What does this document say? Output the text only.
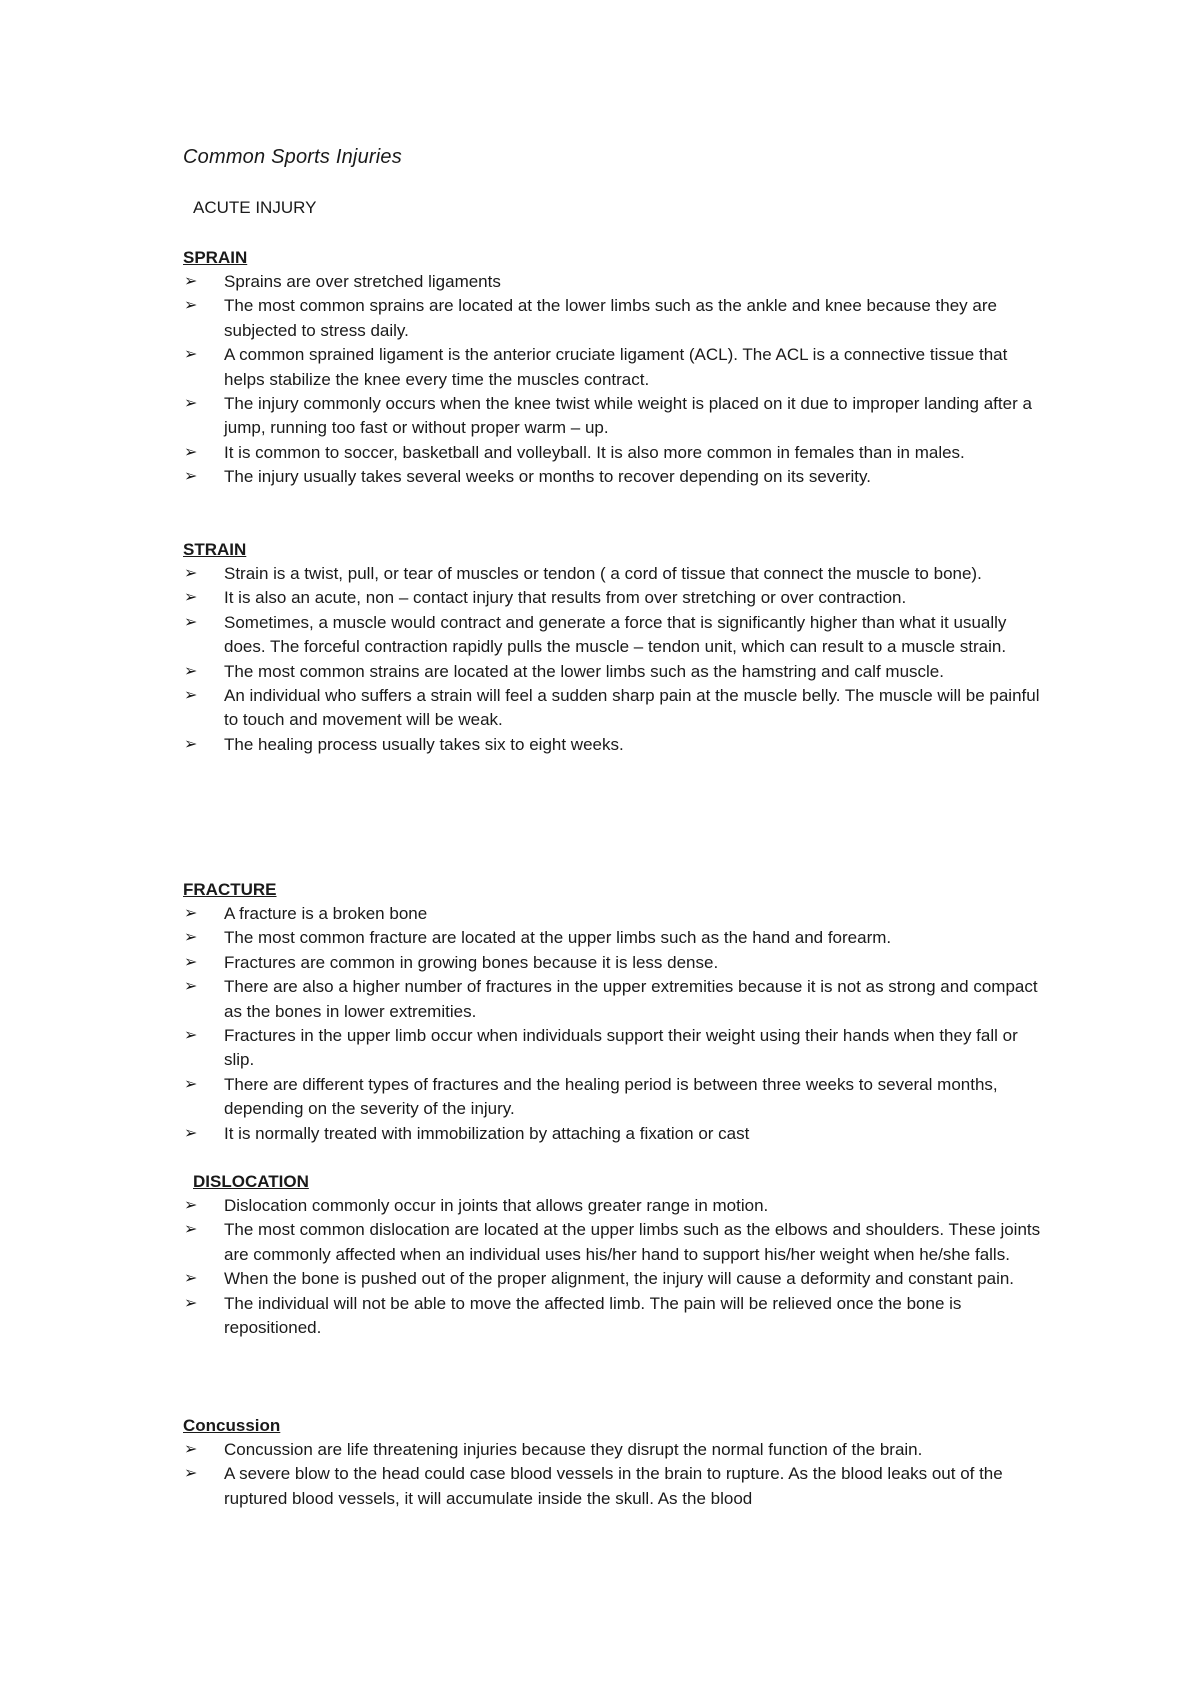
Common Sports Injuries

ACUTE INJURY

SPRAIN
➢ Sprains are over stretched ligaments
➢ The most common sprains are located at the lower limbs such as the ankle and knee because they are subjected to stress daily.
➢ A common sprained ligament is the anterior cruciate ligament (ACL). The ACL is a connective tissue that helps stabilize the knee every time the muscles contract.
➢ The injury commonly occurs when the knee twist while weight is placed on it due to improper landing after a jump, running too fast or without proper warm – up.
➢ It is common to soccer, basketball and volleyball. It is also more common in females than in males.
➢ The injury usually takes several weeks or months to recover depending on its severity.
STRAIN
➢ Strain is a twist, pull, or tear of muscles or tendon ( a cord of tissue that connect the muscle to bone).
➢ It is also an acute, non – contact injury that results from over stretching or over contraction.
➢ Sometimes, a muscle would contract and generate a force that is significantly higher than what it usually does. The forceful contraction rapidly pulls the muscle – tendon unit, which can result to a muscle strain.
➢ The most common strains are located at the lower limbs such as the hamstring and calf muscle.
➢ An individual who suffers a strain will feel a sudden sharp pain at the muscle belly. The muscle will be painful to touch and movement will be weak.
➢ The healing process usually takes six to eight weeks.
FRACTURE
➢ A fracture is a broken bone
➢ The most common fracture are located at the upper limbs such as the hand and forearm.
➢ Fractures are common in growing bones because it is less dense.
➢ There are also a higher number of fractures in the upper extremities because it is not as strong and compact as the bones in lower extremities.
➢ Fractures in the upper limb occur when individuals support their weight using their hands when they fall or slip.
➢ There are different types of fractures and the healing period is between three weeks to several months, depending on the severity of the injury.
➢ It is normally treated with immobilization by attaching a fixation or cast
DISLOCATION
➢ Dislocation commonly occur in joints that allows greater range in motion.
➢ The most common dislocation are located at the upper limbs such as the elbows and shoulders. These joints are commonly affected when an individual uses his/her hand to support his/her weight when he/she falls.
➢ When the bone is pushed out of the proper alignment, the injury will cause a deformity and constant pain.
➢ The individual will not be able to move the affected limb. The pain will be relieved once the bone is repositioned.
Concussion
➢ Concussion are life threatening injuries because they disrupt the normal function of the brain.
➢ A severe blow to the head could case blood vessels in the brain to rupture. As the blood leaks out of the ruptured blood vessels, it will accumulate inside the skull. As the blood
